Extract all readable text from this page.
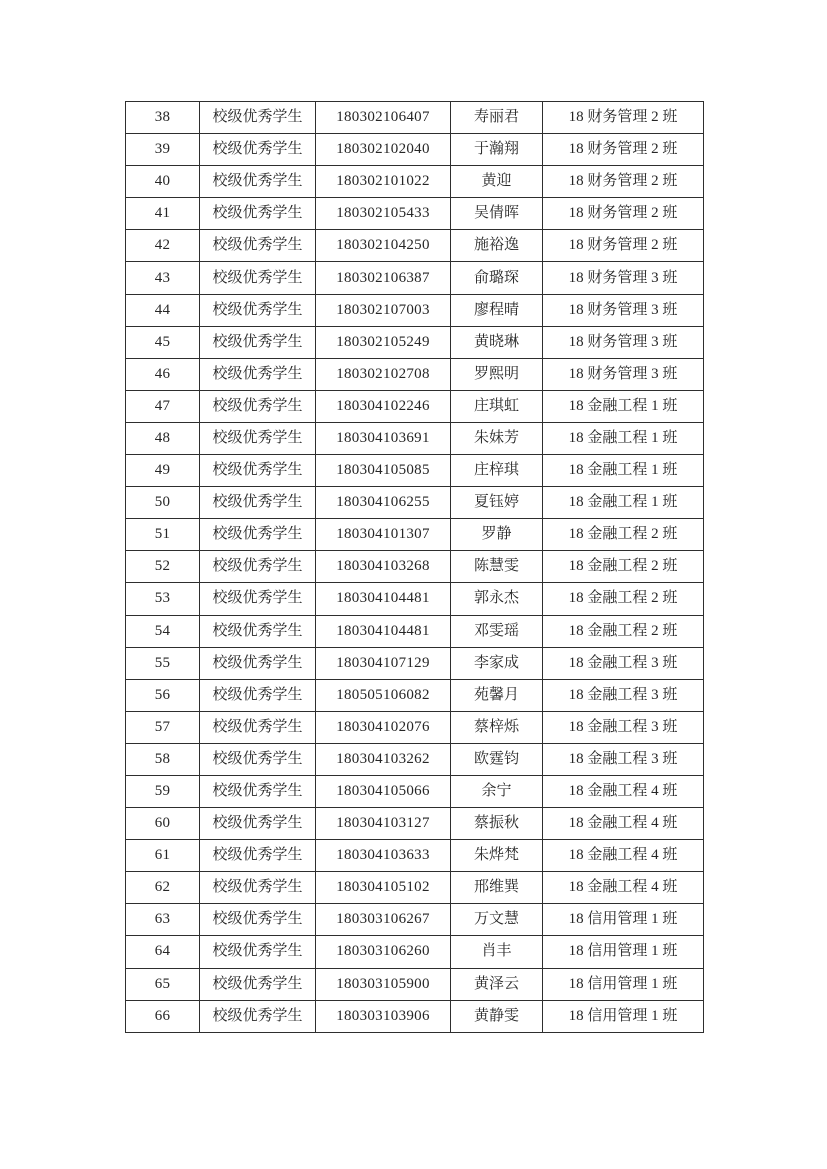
38	校级优秀学生	180302106407	寿丽君	18 财务管理 2 班
39	校级优秀学生	180302102040	于瀚翔	18 财务管理 2 班
40	校级优秀学生	180302101022	黄迎	18 财务管理 2 班
41	校级优秀学生	180302105433	吴倩晖	18 财务管理 2 班
42	校级优秀学生	180302104250	施裕逸	18 财务管理 2 班
43	校级优秀学生	180302106387	俞璐琛	18 财务管理 3 班
44	校级优秀学生	180302107003	廖程晴	18 财务管理 3 班
45	校级优秀学生	180302105249	黄晓琳	18 财务管理 3 班
46	校级优秀学生	180302102708	罗熙明	18 财务管理 3 班
47	校级优秀学生	180304102246	庄琪虹	18 金融工程 1 班
48	校级优秀学生	180304103691	朱妹芳	18 金融工程 1 班
49	校级优秀学生	180304105085	庄梓琪	18 金融工程 1 班
50	校级优秀学生	180304106255	夏钰婷	18 金融工程 1 班
51	校级优秀学生	180304101307	罗静	18 金融工程 2 班
52	校级优秀学生	180304103268	陈慧雯	18 金融工程 2 班
53	校级优秀学生	180304104481	郭永杰	18 金融工程 2 班
54	校级优秀学生	180304104481	邓雯瑶	18 金融工程 2 班
55	校级优秀学生	180304107129	李家成	18 金融工程 3 班
56	校级优秀学生	180505106082	苑馨月	18 金融工程 3 班
57	校级优秀学生	180304102076	蔡梓烁	18 金融工程 3 班
58	校级优秀学生	180304103262	欧霆钧	18 金融工程 3 班
59	校级优秀学生	180304105066	余宁	18 金融工程 4 班
60	校级优秀学生	180304103127	蔡振秋	18 金融工程 4 班
61	校级优秀学生	180304103633	朱烨梵	18 金融工程 4 班
62	校级优秀学生	180304105102	邢维巽	18 金融工程 4 班
63	校级优秀学生	180303106267	万文慧	18 信用管理 1 班
64	校级优秀学生	180303106260	肖丰	18 信用管理 1 班
65	校级优秀学生	180303105900	黄泽云	18 信用管理 1 班
66	校级优秀学生	180303103906	黄静雯	18 信用管理 1 班
